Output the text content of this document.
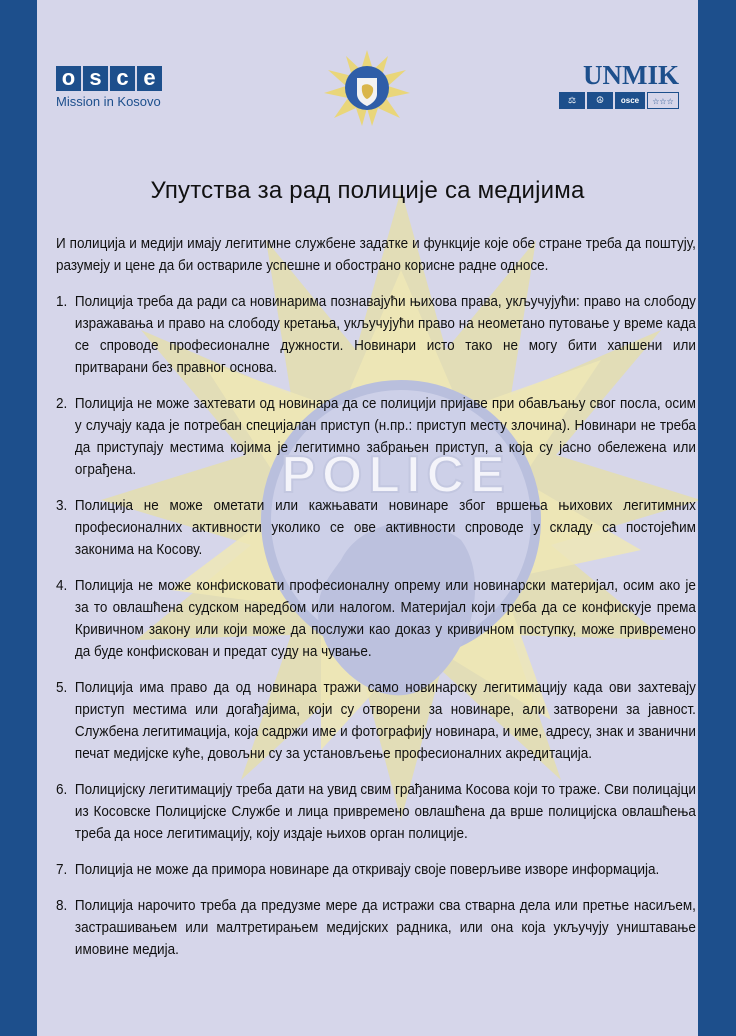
POLICE
o s c e
Mission in Kosovo
UNMIK
⚖	☮	osce	☆☆☆
Упутства за рад полиције са медијима

И полиција и медији имају легитимне службене задатке и функције које обе стране треба да поштују, разумеју и цене да би оствариле успешне и обострано корисне радне односе.

1. Полиција треба да ради са новинарима познавајући њихова права, укључујући: право на слободу изражавања и право на слободу кретања, укључујући право на неометано путовање у време када се спроводе професионалне дужности. Новинари исто тако не могу бити хапшени или притварани без правног основа.
2. Полиција не може захтевати од новинара да се полицији пријаве при обављању свог посла, осим у случају када је потребан специјалан приступ (н.пр.: приступ месту злочина). Новинари не треба да приступају местима којима је легитимно забрањен приступ, а која су јасно обележена или ограђена.
3. Полиција не може ометати или кажњавати новинаре због вршења њихових легитимних професионалних активности уколико се ове активности спроводе у складу са постојећим законима на Косову.
4. Полиција не може конфисковати професионалну опрему или новинарски материјал, осим ако је за то овлашћена судском наредбом или налогом. Материјал који треба да се конфискује према Кривичном закону или који може да послужи као доказ у кривичном поступку, може привремено да буде конфискован и предат суду на чување.
5. Полиција има право да од новинара тражи само новинарску легитимацију када ови захтевају приступ местима или догађајима, који су отворени за новинаре, али затворени за јавност. Службена легитимација, која садржи име и фотографију новинара, и име, адресу, знак и званични печат медијске куће, довољни су за установљење професионалних акредитација.
6. Полицијску легитимацију треба дати на увид свим грађанима Косова који то траже. Сви полицајци из Косовске Полицијске Службе и лица привремено овлашћена да врше полицијска овлашћења треба да носе легитимацију, коју издаје њихов орган полиције.
7. Полиција не може да примора новинаре да откривају своје поверљиве изворе информација.
8. Полиција нарочито треба да предузме мере да истражи сва стварна дела или претње насиљем, застрашивањем или малтретирањем медијских радника, или она која укључују уништавање имовине медија.
